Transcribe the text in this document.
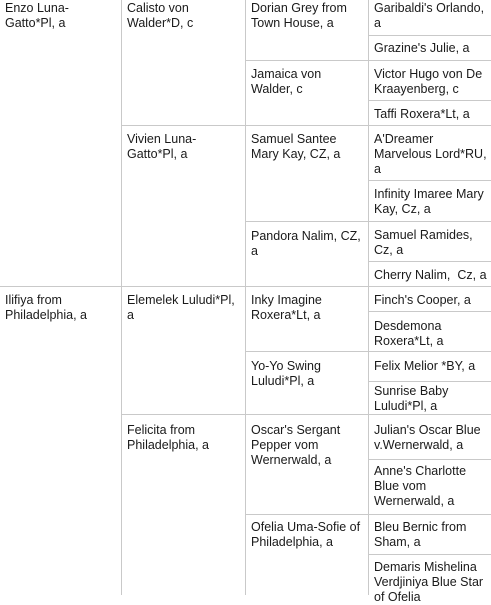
Enzo Luna-Gatto*Pl, a
Ilifiya from Philadelphia, a
Calisto von Walder*D, c
Vivien Luna-Gatto*Pl, a
Elemelek Luludi*Pl, a
Felicita from Philadelphia, a
Dorian Grey from Town House, a
Jamaica von Walder, c
Samuel Santee Mary Kay, CZ, a
Pandora Nalim, CZ, a
Inky Imagine Roxera*Lt, a
Yo-Yo Swing Luludi*Pl, a
Oscar's Sergant Pepper vom Wernerwald, a
Ofelia Uma-Sofie of Philadelphia, a
Garibaldi's Orlando, a
Grazine's Julie, a
Victor Hugo von De Kraayenberg, c
Taffi Roxera*Lt, a
A'Dreamer Marvelous Lord*RU, a
Infinity Imaree Mary Kay, Cz, a
Samuel Ramides, Cz, a
Cherry Nalim,  Cz, a
Finch's Cooper, a
Desdemona Roxera*Lt, a
Felix Melior *BY, a
Sunrise Baby Luludi*Pl, a
Julian's Oscar Blue v.Wernerwald, a
Anne's Charlotte Blue vom Wernerwald, a
Bleu Bernic from Sham, a
Demaris Mishelina Verdjiniya Blue Star of Ofelia
